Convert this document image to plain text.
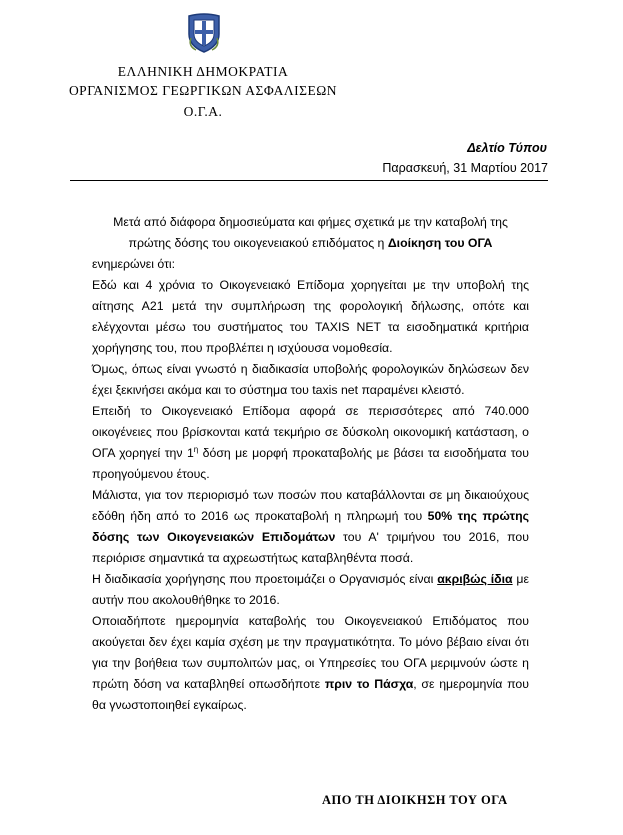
ΕΛΛΗΝΙΚΗ ΔΗΜΟΚΡΑΤΙΑ
ΟΡΓΑΝΙΣΜΟΣ ΓΕΩΡΓΙΚΩΝ ΑΣΦΑΛΙΣΕΩΝ
Ο.Γ.Α.
Δελτίο Τύπου
Παρασκευή, 31 Μαρτίου 2017

Μετά από διάφορα δημοσιεύματα και φήμες σχετικά με την καταβολή της πρώτης δόσης του οικογενειακού επιδόματος η Διοίκηση του ΟΓΑ
ενημερώνει ότι:

Εδώ και 4 χρόνια το Οικογενειακό Επίδομα χορηγείται με την υποβολή της αίτησης Α21 μετά την συμπλήρωση της φορολογική δήλωσης, οπότε και ελέγχονται μέσω του συστήματος του TAXIS NET τα εισοδηματικά κριτήρια χορήγησης του, που προβλέπει η ισχύουσα νομοθεσία.

Όμως, όπως είναι γνωστό η διαδικασία υποβολής φορολογικών δηλώσεων δεν έχει ξεκινήσει ακόμα και το σύστημα του taxis net παραμένει κλειστό.

Επειδή το Οικογενειακό Επίδομα αφορά σε περισσότερες από 740.000 οικογένειες που βρίσκονται κατά τεκμήριο σε δύσκολη οικονομική κατάσταση, ο ΟΓΑ χορηγεί την $1^\eta$ δόση με μορφή προκαταβολής με βάσει τα εισοδήματα του προηγούμενου έτους.

Μάλιστα, για τον περιορισμό των ποσών που καταβάλλονται σε μη δικαιούχους εδόθη ήδη από το 2016 ως προκαταβολή η πληρωμή του 50% της πρώτης δόσης των Οικογενειακών Επιδομάτων του Α' τριμήνου του 2016, που περιόρισε σημαντικά τα αχρεωστήτως καταβληθέντα ποσά.

Η διαδικασία χορήγησης που προετοιμάζει ο Οργανισμός είναι ακριβώς ίδια με αυτήν που ακολουθήθηκε το 2016.

Οποιαδήποτε ημερομηνία καταβολής του Οικογενειακού Επιδόματος που ακούγεται δεν έχει καμία σχέση με την πραγματικότητα. Το μόνο βέβαιο είναι ότι για την βοήθεια των συμπολιτών μας, οι Υπηρεσίες του ΟΓΑ μεριμνούν ώστε η πρώτη δόση να καταβληθεί οπωσδήποτε πριν το Πάσχα, σε ημερομηνία που θα γνωστοποιηθεί εγκαίρως.

ΑΠΟ ΤΗ ΔΙΟΙΚΗΣΗ ΤΟΥ ΟΓΑ
